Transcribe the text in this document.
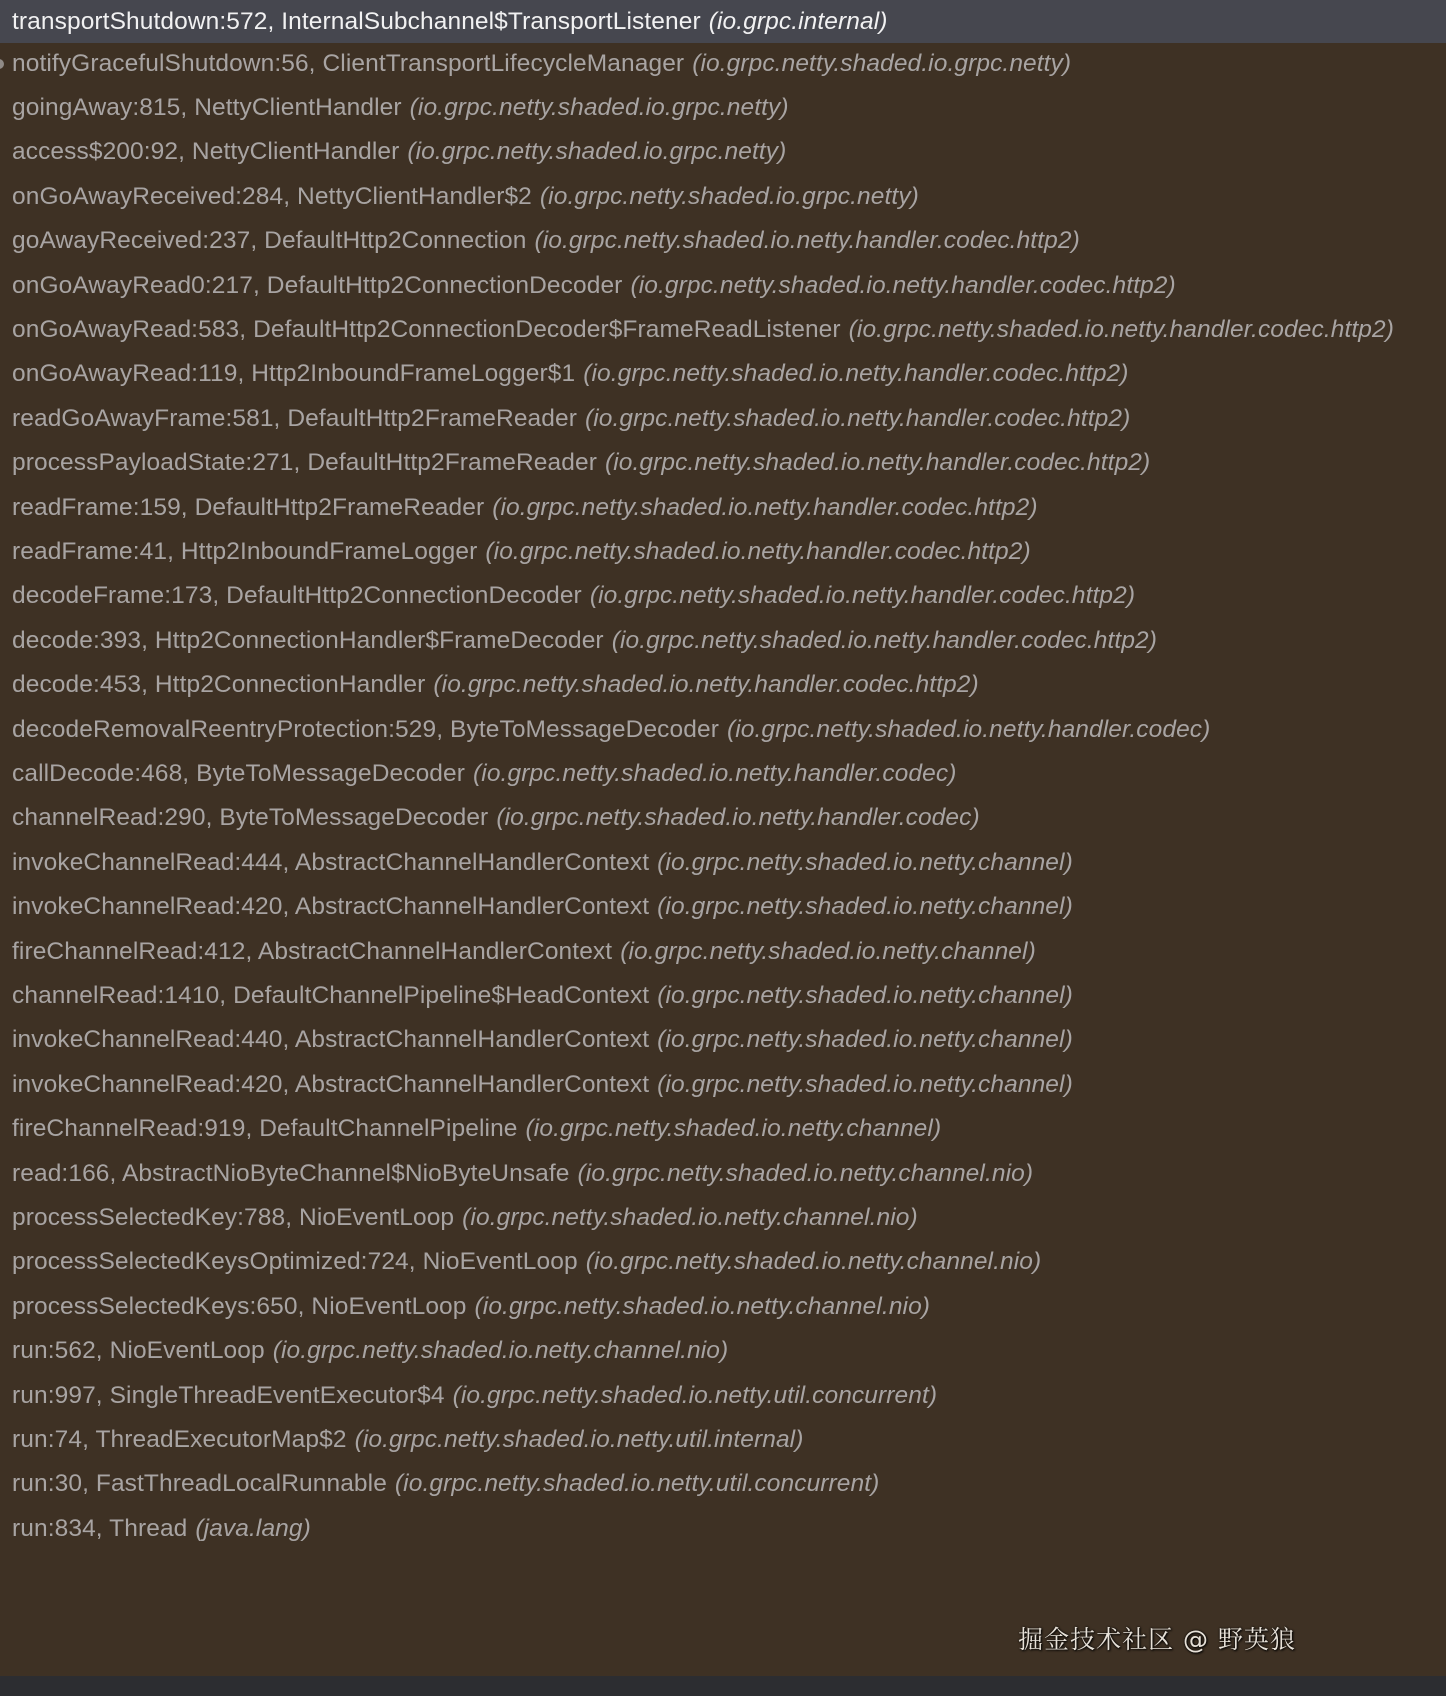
transportShutdown:572, InternalSubchannel$TransportListener (io.grpc.internal)
notifyGracefulShutdown:56, ClientTransportLifecycleManager (io.grpc.netty.shaded.io.grpc.netty)
goingAway:815, NettyClientHandler (io.grpc.netty.shaded.io.grpc.netty)
access$200:92, NettyClientHandler (io.grpc.netty.shaded.io.grpc.netty)
onGoAwayReceived:284, NettyClientHandler$2 (io.grpc.netty.shaded.io.grpc.netty)
goAwayReceived:237, DefaultHttp2Connection (io.grpc.netty.shaded.io.netty.handler.codec.http2)
onGoAwayRead0:217, DefaultHttp2ConnectionDecoder (io.grpc.netty.shaded.io.netty.handler.codec.http2)
onGoAwayRead:583, DefaultHttp2ConnectionDecoder$FrameReadListener (io.grpc.netty.shaded.io.netty.handler.codec.http2)
onGoAwayRead:119, Http2InboundFrameLogger$1 (io.grpc.netty.shaded.io.netty.handler.codec.http2)
readGoAwayFrame:581, DefaultHttp2FrameReader (io.grpc.netty.shaded.io.netty.handler.codec.http2)
processPayloadState:271, DefaultHttp2FrameReader (io.grpc.netty.shaded.io.netty.handler.codec.http2)
readFrame:159, DefaultHttp2FrameReader (io.grpc.netty.shaded.io.netty.handler.codec.http2)
readFrame:41, Http2InboundFrameLogger (io.grpc.netty.shaded.io.netty.handler.codec.http2)
decodeFrame:173, DefaultHttp2ConnectionDecoder (io.grpc.netty.shaded.io.netty.handler.codec.http2)
decode:393, Http2ConnectionHandler$FrameDecoder (io.grpc.netty.shaded.io.netty.handler.codec.http2)
decode:453, Http2ConnectionHandler (io.grpc.netty.shaded.io.netty.handler.codec.http2)
decodeRemovalReentryProtection:529, ByteToMessageDecoder (io.grpc.netty.shaded.io.netty.handler.codec)
callDecode:468, ByteToMessageDecoder (io.grpc.netty.shaded.io.netty.handler.codec)
channelRead:290, ByteToMessageDecoder (io.grpc.netty.shaded.io.netty.handler.codec)
invokeChannelRead:444, AbstractChannelHandlerContext (io.grpc.netty.shaded.io.netty.channel)
invokeChannelRead:420, AbstractChannelHandlerContext (io.grpc.netty.shaded.io.netty.channel)
fireChannelRead:412, AbstractChannelHandlerContext (io.grpc.netty.shaded.io.netty.channel)
channelRead:1410, DefaultChannelPipeline$HeadContext (io.grpc.netty.shaded.io.netty.channel)
invokeChannelRead:440, AbstractChannelHandlerContext (io.grpc.netty.shaded.io.netty.channel)
invokeChannelRead:420, AbstractChannelHandlerContext (io.grpc.netty.shaded.io.netty.channel)
fireChannelRead:919, DefaultChannelPipeline (io.grpc.netty.shaded.io.netty.channel)
read:166, AbstractNioByteChannel$NioByteUnsafe (io.grpc.netty.shaded.io.netty.channel.nio)
processSelectedKey:788, NioEventLoop (io.grpc.netty.shaded.io.netty.channel.nio)
processSelectedKeysOptimized:724, NioEventLoop (io.grpc.netty.shaded.io.netty.channel.nio)
processSelectedKeys:650, NioEventLoop (io.grpc.netty.shaded.io.netty.channel.nio)
run:562, NioEventLoop (io.grpc.netty.shaded.io.netty.channel.nio)
run:997, SingleThreadEventExecutor$4 (io.grpc.netty.shaded.io.netty.util.concurrent)
run:74, ThreadExecutorMap$2 (io.grpc.netty.shaded.io.netty.util.internal)
run:30, FastThreadLocalRunnable (io.grpc.netty.shaded.io.netty.util.concurrent)
run:834, Thread (java.lang)
掘金技术社区 @ 野英狼
